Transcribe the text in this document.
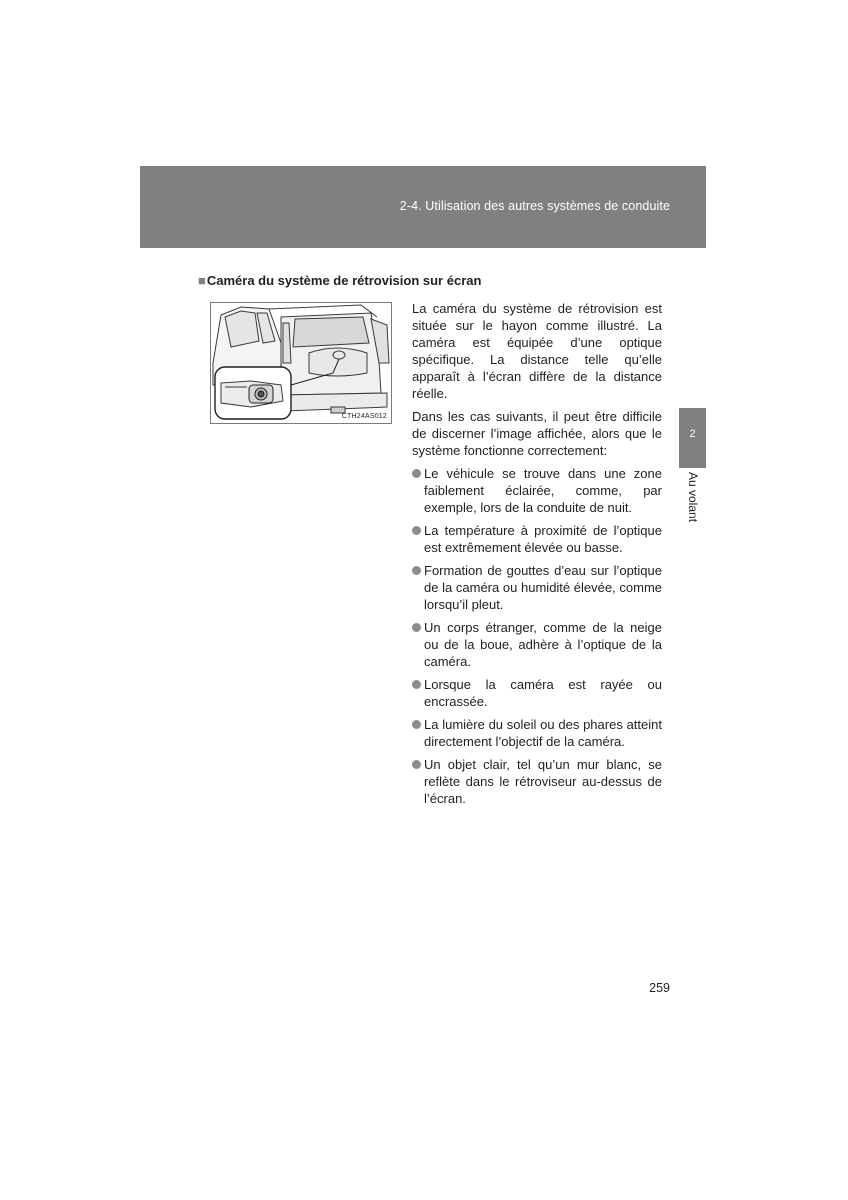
2-4. Utilisation des autres systèmes de conduite
■Caméra du système de rétrovision sur écran
CTH24AS012

La caméra du système de rétrovision est située sur le hayon comme illustré. La caméra est équipée d’une optique spécifique. La distance telle qu’elle apparaît à l’écran diffère de la distance réelle.

Dans les cas suivants, il peut être difficile de discerner l’image affichée, alors que le système fonctionne correctement:

Le véhicule se trouve dans une zone faiblement éclairée, comme, par exemple, lors de la conduite de nuit.
La température à proximité de l’optique est extrêmement élevée ou basse.
Formation de gouttes d’eau sur l’optique de la caméra ou humidité élevée, comme lorsqu’il pleut.
Un corps étranger, comme de la neige ou de la boue, adhère à l’optique de la caméra.
Lorsque la caméra est rayée ou encrassée.
La lumière du soleil ou des phares atteint directement l’objectif de la caméra.
Un objet clair, tel qu’un mur blanc, se reflète dans le rétroviseur au-dessus de l’écran.
2
Au volant
259
